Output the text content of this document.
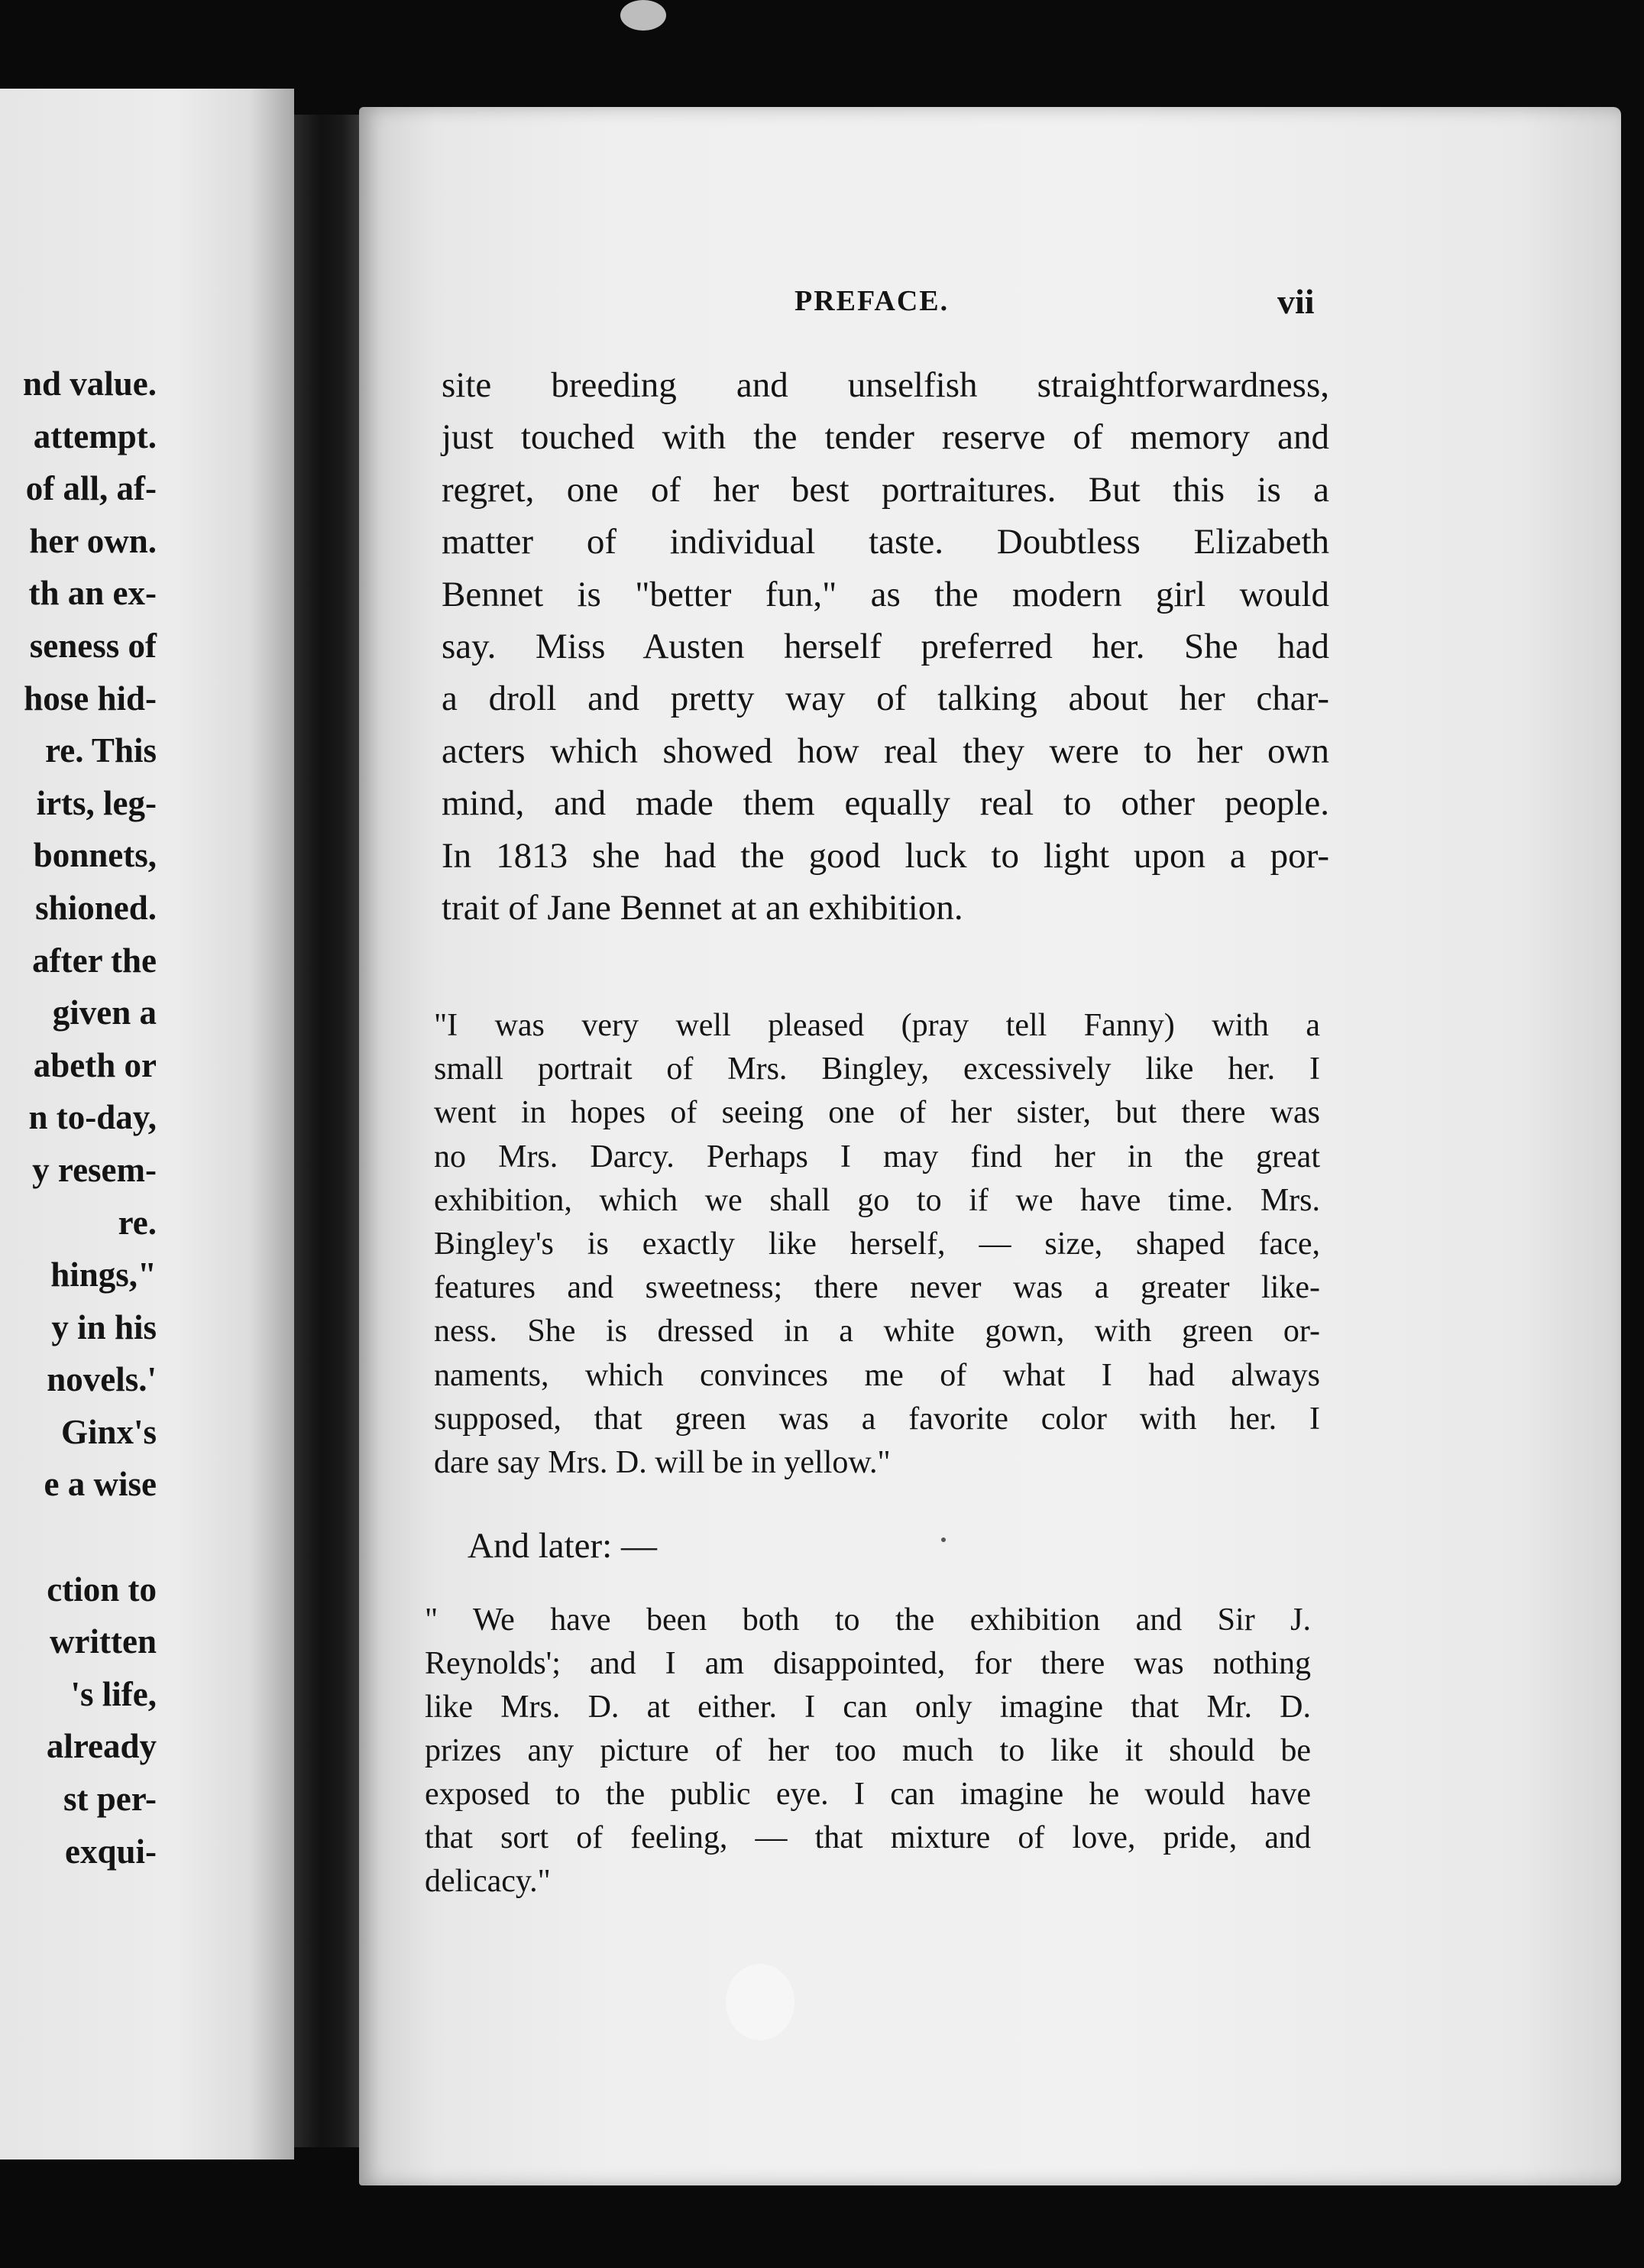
nd value.
attempt.
of all, af-
her own.
th an ex-
seness of
hose hid-
re. This
irts, leg-
bonnets,
shioned.
after the
given a
abeth or
n to-day,
y resem-
re.
hings,"
y in his
novels.'
Ginx's
e a wise

ction to
written
's life,
already
st per-
exqui-
PREFACE.	vii

site breeding and unselfish straightforwardness,
just touched with the tender reserve of memory and
regret, one of her best portraitures. But this is a
matter of individual taste. Doubtless Elizabeth
Bennet is "better fun," as the modern girl would
say. Miss Austen herself preferred her. She had
a droll and pretty way of talking about her char-
acters which showed how real they were to her own
mind, and made them equally real to other people.
In 1813 she had the good luck to light upon a por-
trait of Jane Bennet at an exhibition.

"I was very well pleased (pray tell Fanny) with a
small portrait of Mrs. Bingley, excessively like her. I
went in hopes of seeing one of her sister, but there was
no Mrs. Darcy. Perhaps I may find her in the great
exhibition, which we shall go to if we have time. Mrs.
Bingley's is exactly like herself, — size, shaped face,
features and sweetness; there never was a greater like-
ness. She is dressed in a white gown, with green or-
naments, which convinces me of what I had always
supposed, that green was a favorite color with her. I
dare say Mrs. D. will be in yellow."
And later: —
" We have been both to the exhibition and Sir J.
Reynolds'; and I am disappointed, for there was nothing
like Mrs. D. at either. I can only imagine that Mr. D.
prizes any picture of her too much to like it should be
exposed to the public eye. I can imagine he would have
that sort of feeling, — that mixture of love, pride, and
delicacy."
